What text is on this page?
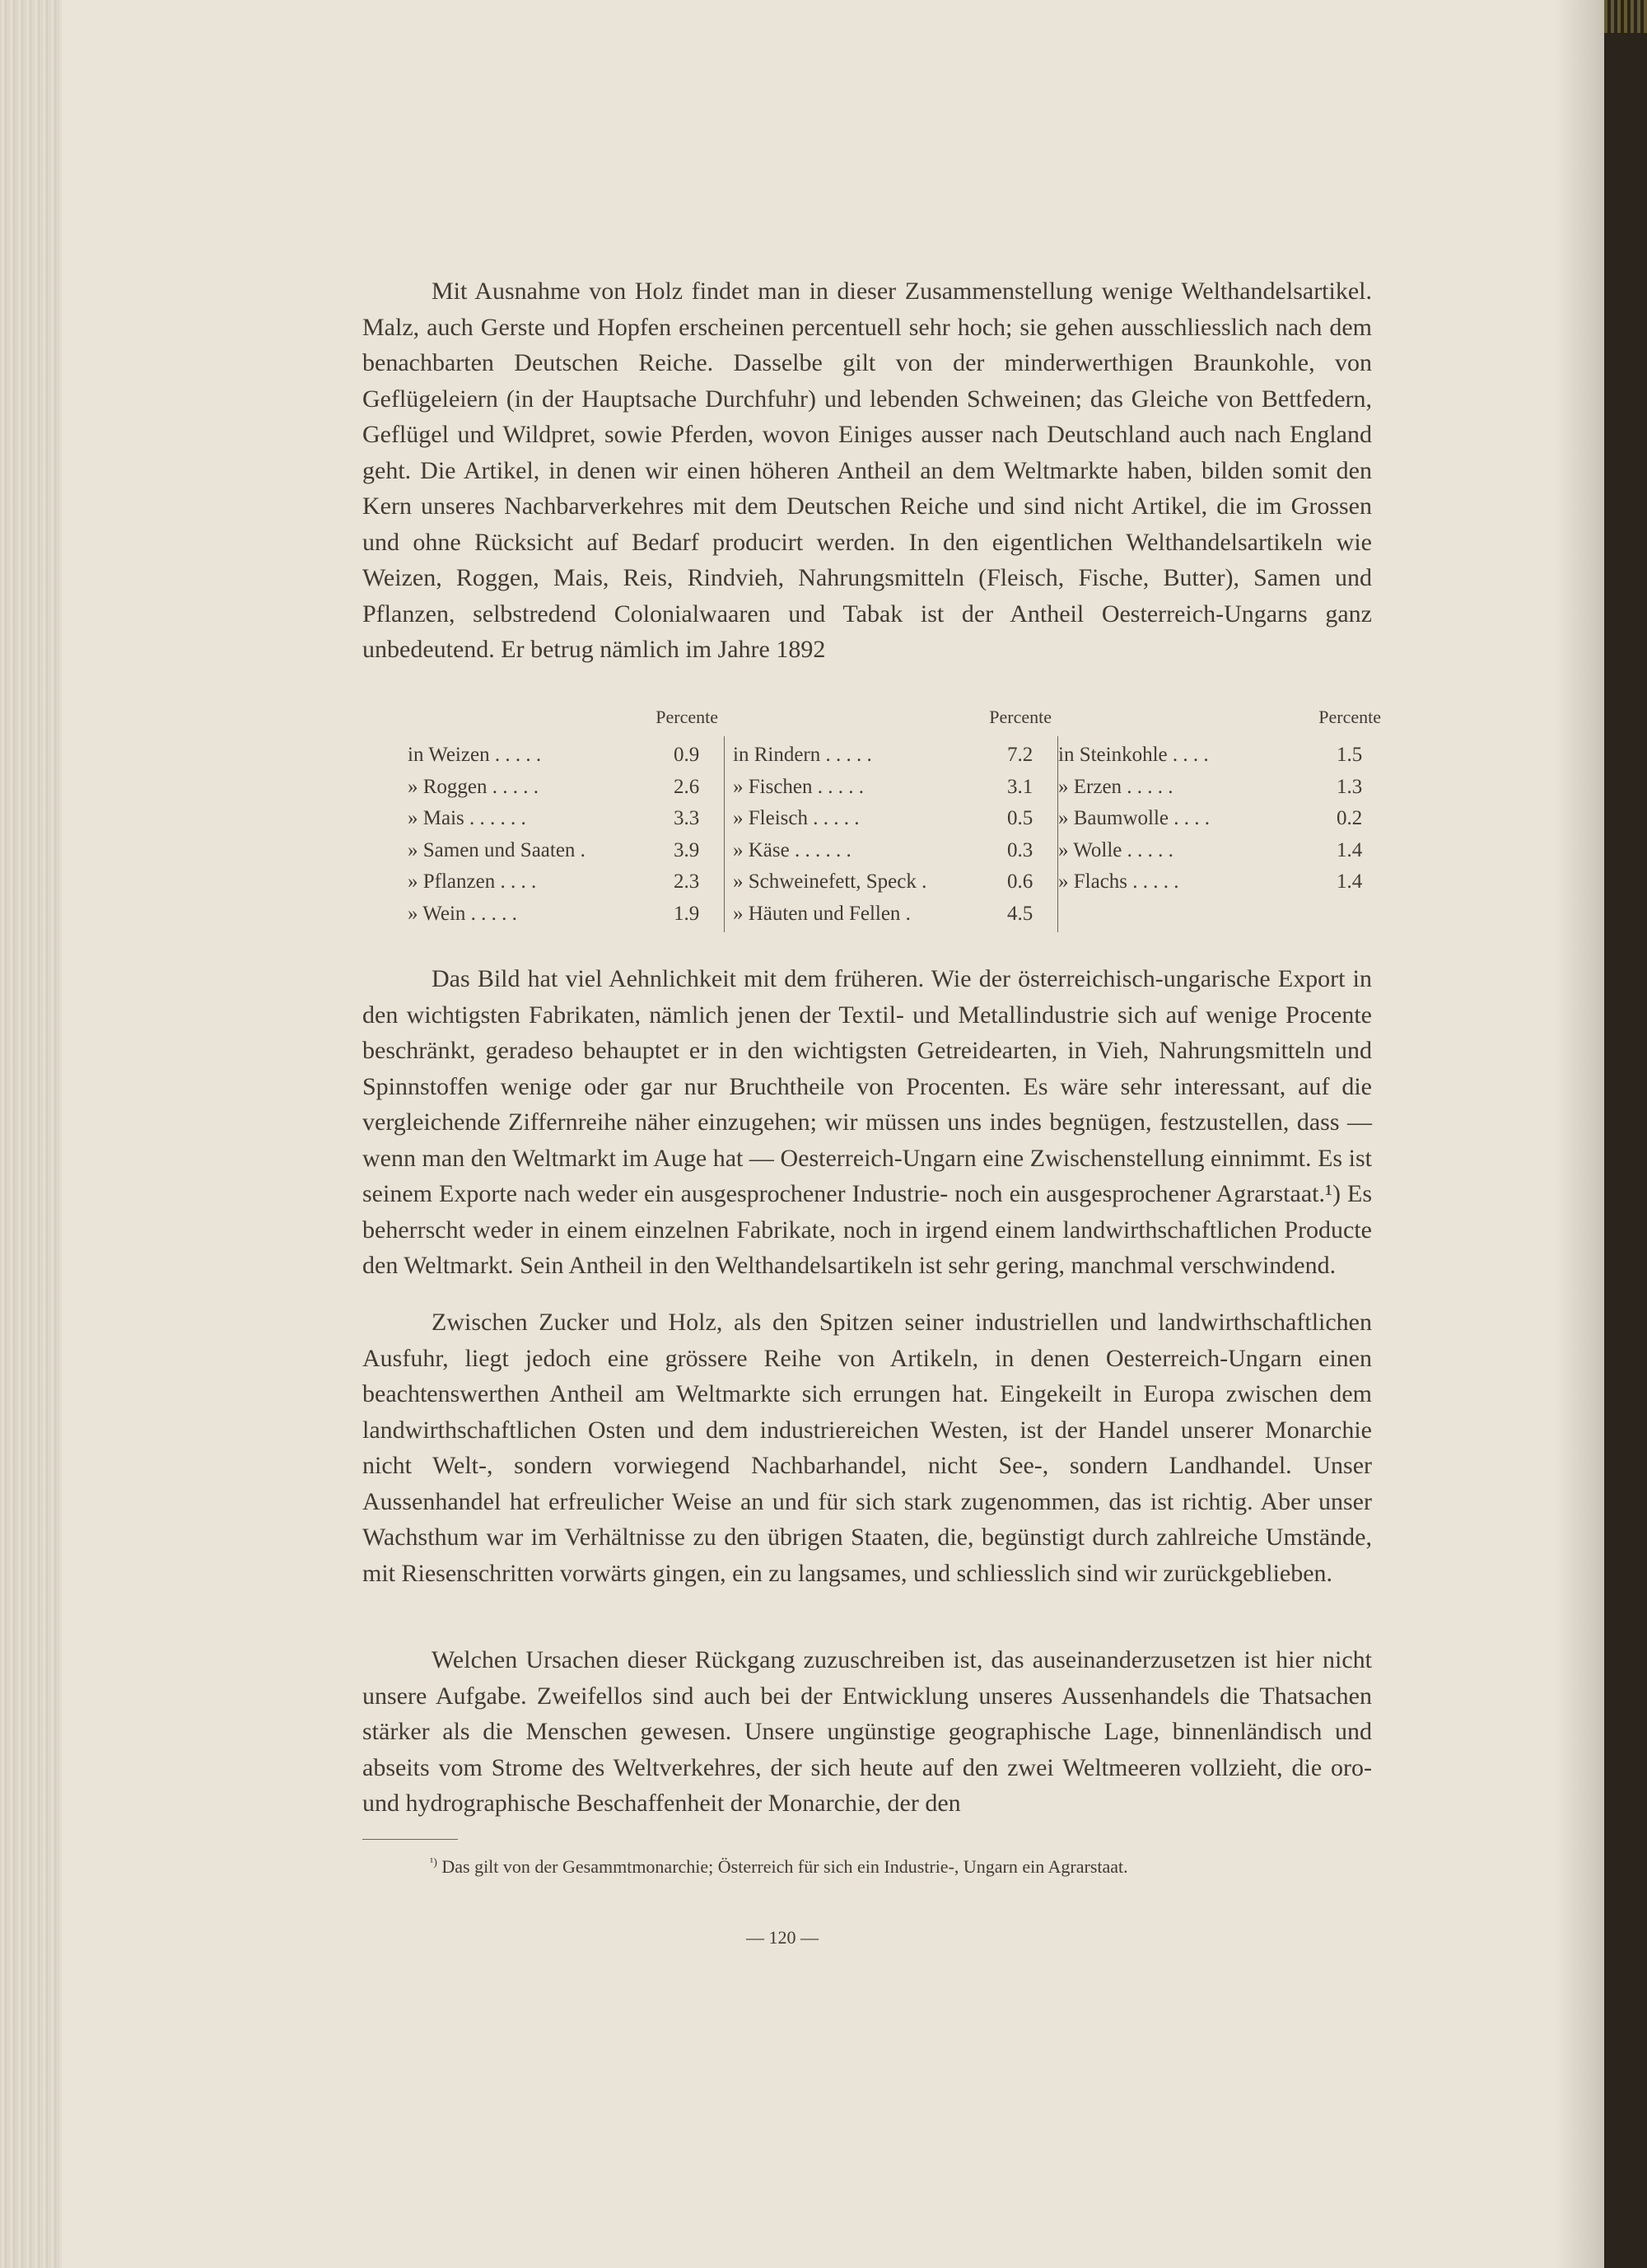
Mit Ausnahme von Holz findet man in dieser Zusammenstellung wenige Welthandelsartikel. Malz, auch Gerste und Hopfen erscheinen percentuell sehr hoch; sie gehen ausschliesslich nach dem benachbarten Deutschen Reiche. Dasselbe gilt von der minderwerthigen Braunkohle, von Geflügeleiern (in der Hauptsache Durchfuhr) und lebenden Schweinen; das Gleiche von Bettfedern, Geflügel und Wildpret, sowie Pferden, wovon Einiges ausser nach Deutschland auch nach England geht. Die Artikel, in denen wir einen höheren Antheil an dem Weltmarkte haben, bilden somit den Kern unseres Nachbarverkehres mit dem Deutschen Reiche und sind nicht Artikel, die im Grossen und ohne Rücksicht auf Bedarf producirt werden. In den eigentlichen Welthandelsartikeln wie Weizen, Roggen, Mais, Reis, Rindvieh, Nahrungsmitteln (Fleisch, Fische, Butter), Samen und Pflanzen, selbstredend Colonialwaaren und Tabak ist der Antheil Oesterreich-Ungarns ganz unbedeutend. Er betrug nämlich im Jahre 1892

Percente
in Weizen . . . . .	0.9
» Roggen . . . . .	2.6
» Mais . . . . . .	3.3
» Samen und Saaten .	3.9
» Pflanzen . . . .	2.3
» Wein . . . . .	1.9
Percente
in Rindern . . . . .	7.2
» Fischen . . . . .	3.1
» Fleisch . . . . .	0.5
» Käse . . . . . .	0.3
» Schweinefett, Speck .	0.6
» Häuten und Fellen .	4.5
Percente
in Steinkohle . . . .	1.5
» Erzen . . . . .	1.3
» Baumwolle . . . .	0.2
» Wolle . . . . .	1.4
» Flachs . . . . .	1.4

Das Bild hat viel Aehnlichkeit mit dem früheren. Wie der österreichisch-ungarische Export in den wichtigsten Fabrikaten, nämlich jenen der Textil- und Metallindustrie sich auf wenige Procente beschränkt, geradeso behauptet er in den wichtigsten Getreidearten, in Vieh, Nahrungsmitteln und Spinnstoffen wenige oder gar nur Bruchtheile von Procenten. Es wäre sehr interessant, auf die vergleichende Ziffernreihe näher einzugehen; wir müssen uns indes begnügen, festzustellen, dass — wenn man den Weltmarkt im Auge hat — Oesterreich-Ungarn eine Zwischenstellung einnimmt. Es ist seinem Exporte nach weder ein ausgesprochener Industrie- noch ein ausgesprochener Agrarstaat.¹) Es beherrscht weder in einem einzelnen Fabrikate, noch in irgend einem landwirthschaftlichen Producte den Weltmarkt. Sein Antheil in den Welthandelsartikeln ist sehr gering, manchmal verschwindend.

Zwischen Zucker und Holz, als den Spitzen seiner industriellen und landwirthschaftlichen Ausfuhr, liegt jedoch eine grössere Reihe von Artikeln, in denen Oesterreich-Ungarn einen beachtenswerthen Antheil am Weltmarkte sich errungen hat. Eingekeilt in Europa zwischen dem landwirthschaftlichen Osten und dem industriereichen Westen, ist der Handel unserer Monarchie nicht Welt-, sondern vorwiegend Nachbarhandel, nicht See-, sondern Landhandel. Unser Aussenhandel hat erfreulicher Weise an und für sich stark zugenommen, das ist richtig. Aber unser Wachsthum war im Verhältnisse zu den übrigen Staaten, die, begünstigt durch zahlreiche Umstände, mit Riesenschritten vorwärts gingen, ein zu langsames, und schliesslich sind wir zurückgeblieben.

Welchen Ursachen dieser Rückgang zuzuschreiben ist, das auseinanderzusetzen ist hier nicht unsere Aufgabe. Zweifellos sind auch bei der Entwicklung unseres Aussenhandels die Thatsachen stärker als die Menschen gewesen. Unsere ungünstige geographische Lage, binnenländisch und abseits vom Strome des Weltverkehres, der sich heute auf den zwei Weltmeeren vollzieht, die oro- und hydrographische Beschaffenheit der Monarchie, der den

$^{^1)}$ Das gilt von der Gesammtmonarchie; Österreich für sich ein Industrie-, Ungarn ein Agrarstaat.
— 120 —
